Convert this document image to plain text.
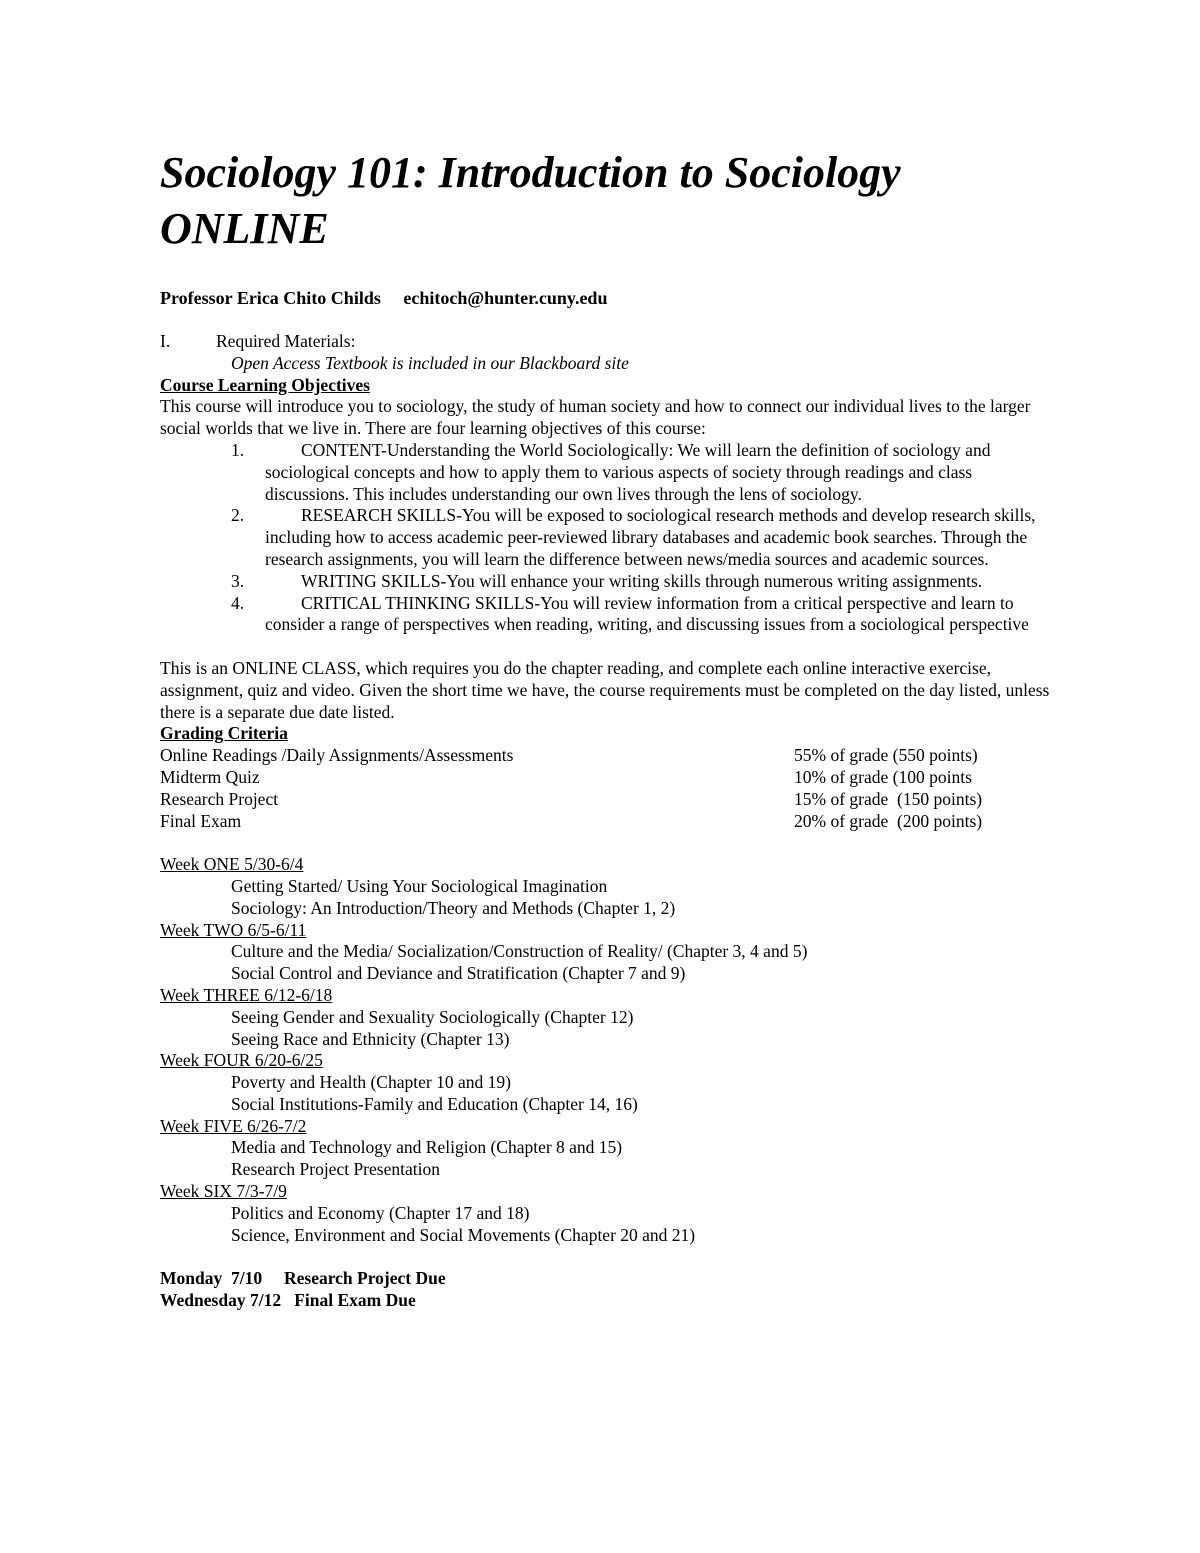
Sociology 101: Introduction to Sociology
ONLINE
Professor Erica Chito Childs echitoch@hunter.cuny.edu
I.	Required Materials:
Open Access Textbook is included in our Blackboard site
Course Learning Objectives
This course will introduce you to sociology, the study of human society and how to connect our individual lives to the larger social worlds that we live in. There are four learning objectives of this course:
1.	CONTENT-Understanding the World Sociologically: We will learn the definition of sociology and sociological concepts and how to apply them to various aspects of society through readings and class discussions. This includes understanding our own lives through the lens of sociology.
2.	RESEARCH SKILLS-You will be exposed to sociological research methods and develop research skills, including how to access academic peer-reviewed library databases and academic book searches. Through the research assignments, you will learn the difference between news/media sources and academic sources.
3.	WRITING SKILLS-You will enhance your writing skills through numerous writing assignments.
4.	CRITICAL THINKING SKILLS-You will review information from a critical perspective and learn to consider a range of perspectives when reading, writing, and discussing issues from a sociological perspective
This is an ONLINE CLASS, which requires you do the chapter reading, and complete each online interactive exercise, assignment, quiz and video. Given the short time we have, the course requirements must be completed on the day listed, unless there is a separate due date listed.
Grading Criteria
Online Readings /Daily Assignments/Assessments	55% of grade (550 points)
Midterm Quiz	10% of grade (100 points
Research Project	15% of grade  (150 points)
Final Exam	20% of grade  (200 points)
Week ONE 5/30-6/4
Getting Started/ Using Your Sociological Imagination
Sociology: An Introduction/Theory and Methods (Chapter 1, 2)
Week TWO 6/5-6/11
Culture and the Media/ Socialization/Construction of Reality/ (Chapter 3, 4 and 5)
Social Control and Deviance and Stratification (Chapter 7 and 9)
Week THREE 6/12-6/18
Seeing Gender and Sexuality Sociologically (Chapter 12)
Seeing Race and Ethnicity (Chapter 13)
Week FOUR 6/20-6/25
Poverty and Health (Chapter 10 and 19)
Social Institutions-Family and Education (Chapter 14, 16)
Week FIVE 6/26-7/2
Media and Technology and Religion (Chapter 8 and 15)
Research Project Presentation
Week SIX 7/3-7/9
Politics and Economy (Chapter 17 and 18)
Science, Environment and Social Movements (Chapter 20 and 21)
Monday  7/10 Research Project Due
Wednesday 7/12 Final Exam Due
